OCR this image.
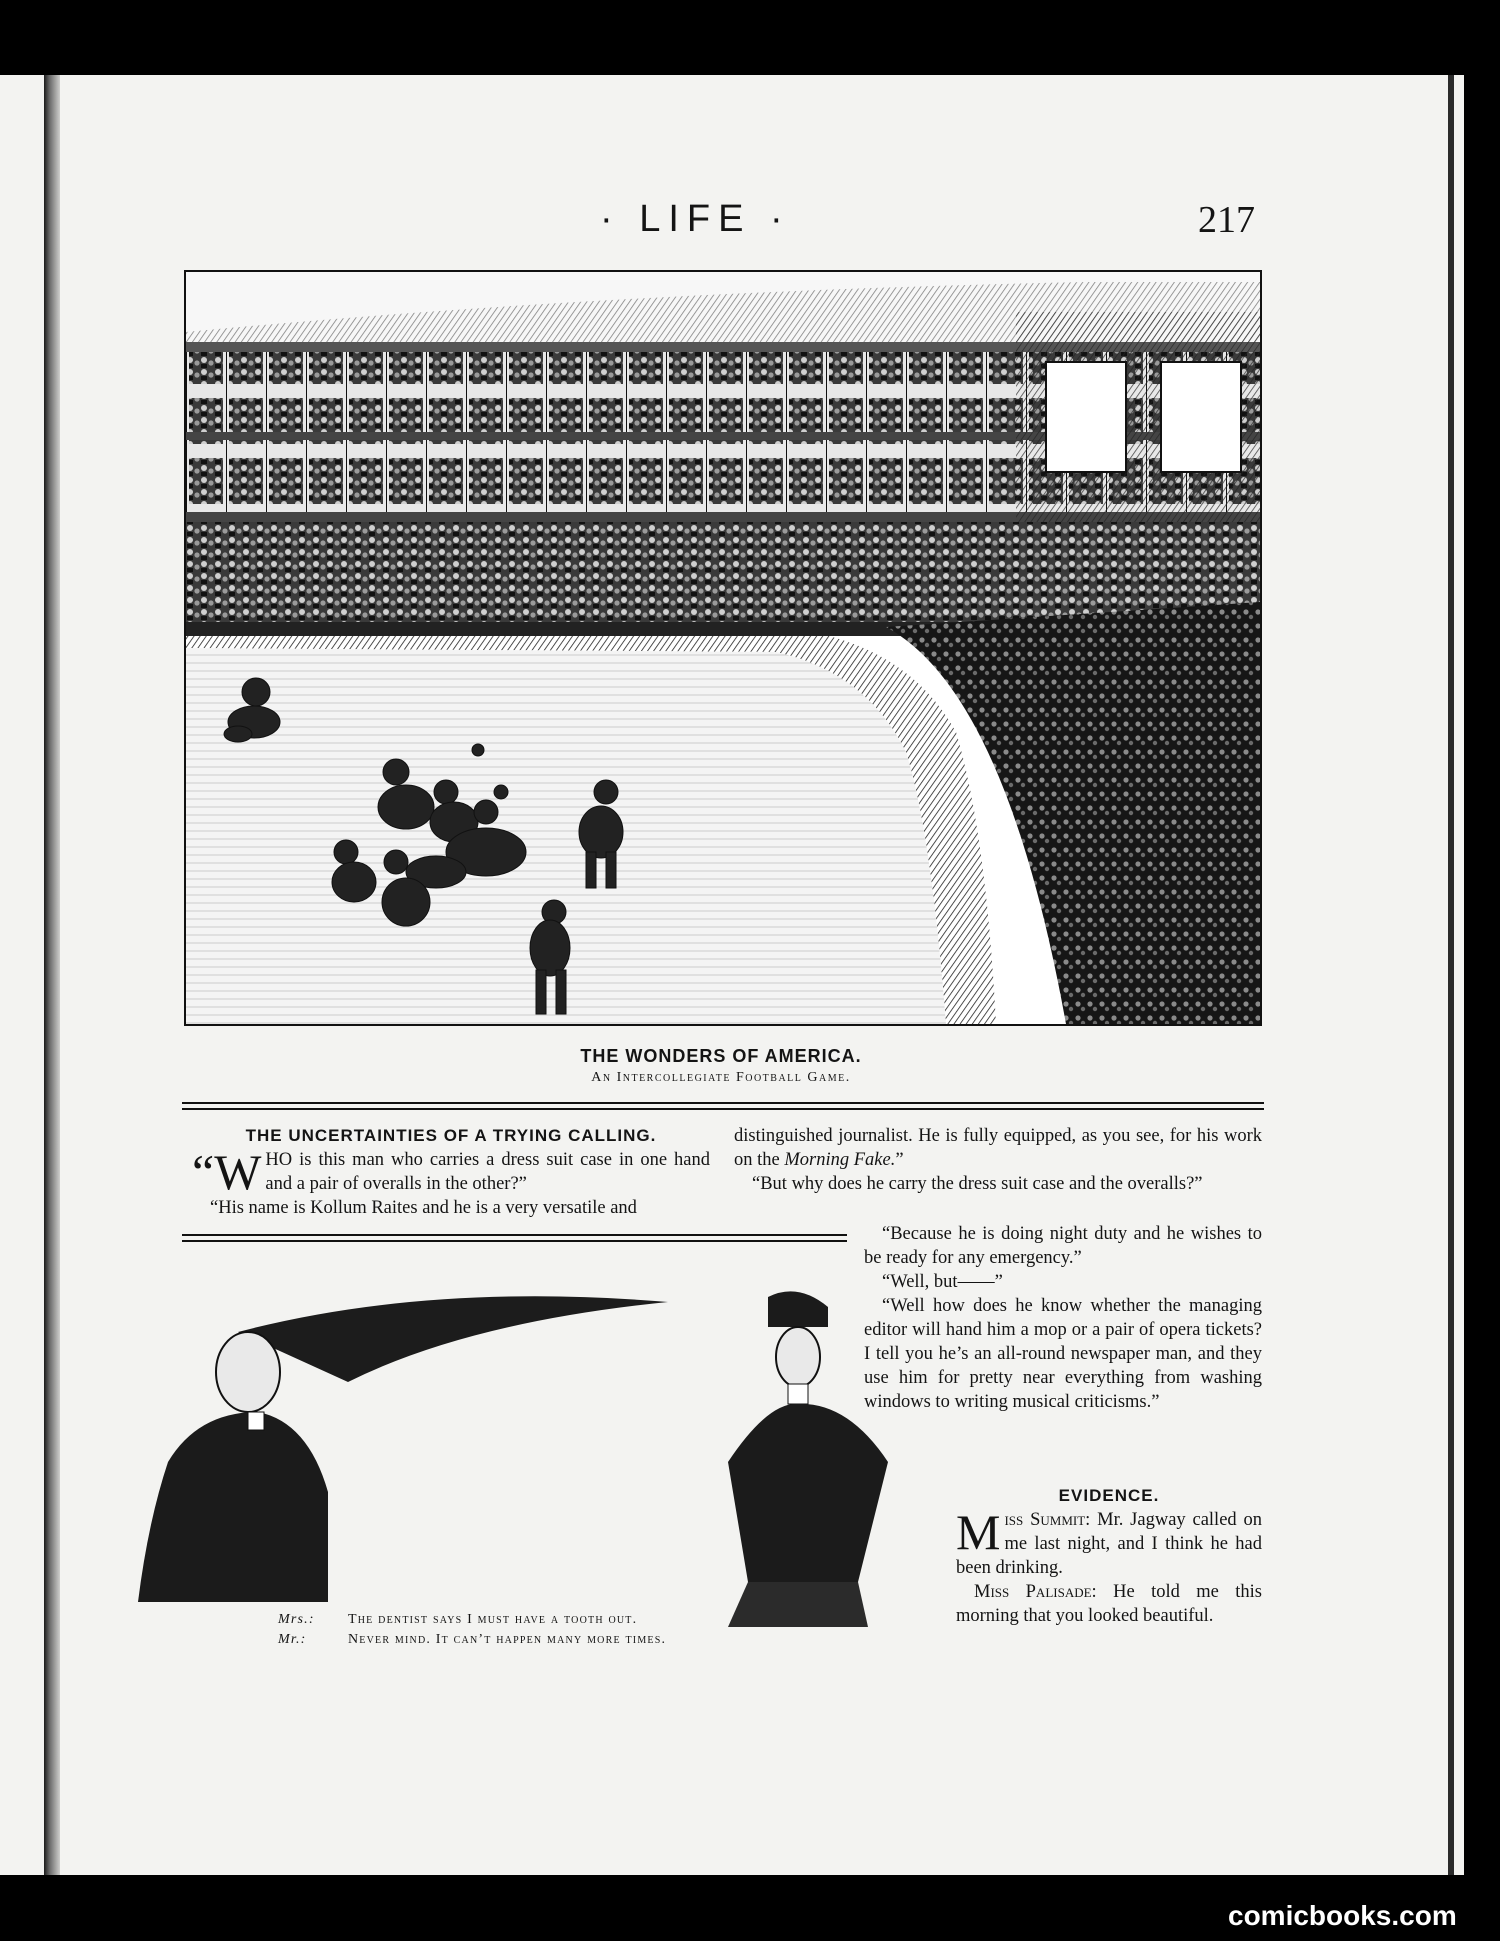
· LIFE ·	217
THE WONDERS OF AMERICA.
An Intercollegiate Football Game.
THE UNCERTAINTIES OF A TRYING CALLING.

“W HO is this man who carries a dress suit case in one hand and a pair of overalls in the other?”

“His name is Kollum Raites and he is a very versatile and

distinguished journalist. He is fully equipped, as you see, for his work on the Morning Fake.”

“But why does he carry the dress suit case and the overalls?”

“Because he is doing night duty and he wishes to be ready for any emergency.”

“Well, but——”

“Well how does he know whether the managing editor will hand him a mop or a pair of opera tickets? I tell you he’s an all-round newspaper man, and they use him for pretty near everything from washing windows to writing musical criticisms.”

EVIDENCE.

Miss Summit: Mr. Jagway called on me last night, and I think he had been drinking.

Miss Palisade: He told me this morning that you looked beautiful.

Mrs.: The dentist says I must have a tooth out.
Mr.:	Never mind. It can’t happen many more times.
comicbooks.com
